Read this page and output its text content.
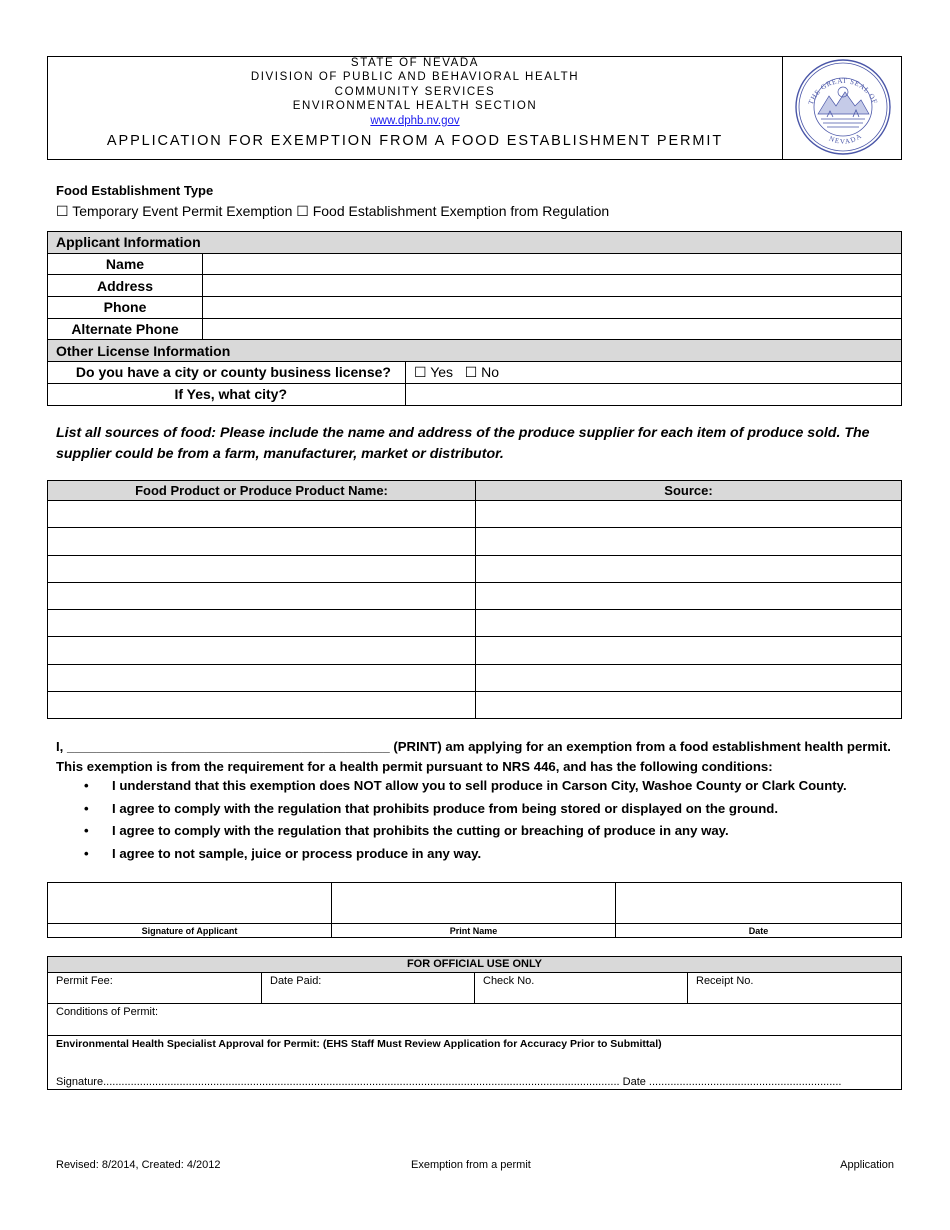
STATE OF NEVADA
DIVISION OF PUBLIC AND BEHAVIORAL HEALTH
COMMUNITY SERVICES
ENVIRONMENTAL HEALTH SECTION
www.dphb.nv.gov
APPLICATION FOR EXEMPTION FROM A FOOD ESTABLISHMENT PERMIT
THE GREAT SEAL OF
NEVADA
Food Establishment Type
☐ Temporary Event Permit Exemption ☐ Food Establishment Exemption from Regulation
Applicant Information		
Name		
Address		
Phone		
Alternate Phone		
Other License Information		
Do you have a city or county business license?		☐ Yes ☐ No
If Yes, what city?		
List all sources of food: Please include the name and address of the produce supplier for each item of produce sold. The supplier could be from a farm, manufacturer, market or distributor.
Food Product or Produce Product Name:	Source:

I, ____________________________________________ (PRINT) am applying for an exemption from a food establishment health permit. This exemption is from the requirement for a health permit pursuant to NRS 446, and has the following conditions:
• I understand that this exemption does NOT allow you to sell produce in Carson City, Washoe County or Clark County.
• I agree to comply with the regulation that prohibits produce from being stored or displayed on the ground.
• I agree to comply with the regulation that prohibits the cutting or breaching of produce in any way.
• I agree to not sample, juice or process produce in any way.

Signature of Applicant	Print Name	Date
FOR OFFICIAL USE ONLY
Permit Fee:	Date Paid:	Check No.	Receipt No.
Conditions of Permit:

Environmental Health Specialist Approval for Permit: (EHS Staff Must Review Application for Accuracy Prior to Submittal)
Signature......................................................................................................................................................................... Date ...............................................................
Revised: 8/2014, Created: 4/2012	Exemption from a permit	Application
